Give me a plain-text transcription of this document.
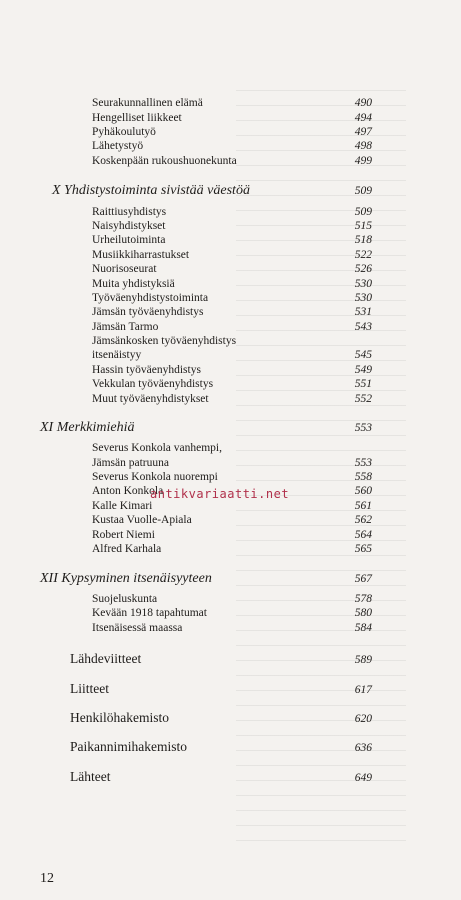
Seurakunnallinen elämä	490
Hengelliset liikkeet	494
Pyhäkoulutyö	497
Lähetystyö	498
Koskenpään rukoushuonekunta	499
X Yhdistystoiminta sivistää väestöä	509
Raittiusyhdistys	509
Naisyhdistykset	515
Urheilutoiminta	518
Musiikkiharrastukset	522
Nuorisoseurat	526
Muita yhdistyksiä	530
Työväenyhdistystoiminta	530
Jämsän työväenyhdistys	531
Jämsän Tarmo	543
Jämsänkosken työväenyhdistys
itsenäistyy	545
Hassin työväenyhdistys	549
Vekkulan työväenyhdistys	551
Muut työväenyhdistykset	552
XI Merkkimiehiä	553
Severus Konkola vanhempi,
Jämsän patruuna	553
Severus Konkola nuorempi	558
Anton Konkola	560
Kalle Kimari	561
Kustaa Vuolle-Apiala	562
Robert Niemi	564
Alfred Karhala	565
XII Kypsyminen itsenäisyyteen	567
Suojeluskunta	578
Kevään 1918 tapahtumat	580
Itsenäisessä maassa	584
Lähdeviitteet	589
Liitteet	617
Henkilöhakemisto	620
Paikannimihakemisto	636
Lähteet	649
antikvariaatti.net
12
